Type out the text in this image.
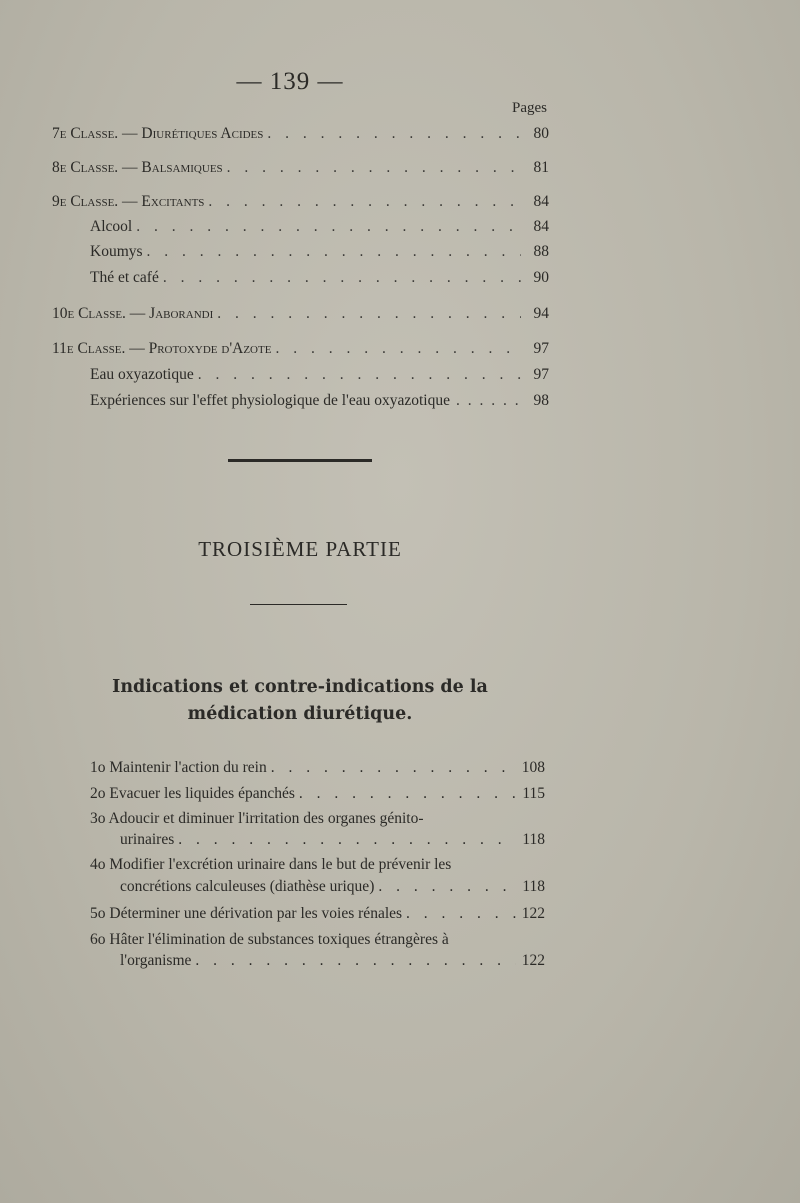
— 139 —
Pages
7e Classe. — Diurétiques Acides . . .	80
8e Classe. — Balsamiques . . .	81
9e Classe. — Excitants . . .	84
Alcool . . .	84
Koumys . . .	88
Thé et café . . .	90
10e Classe. — Jaborandi . . .	94
11e Classe. — Protoxyde d'Azote . . .	97
Eau oxyazotique . . .	97
Expériences sur l'effet physiologique de l'eau oxyazotique . . .	98
TROISIÈME PARTIE
Indications et contre-indications de la médication diurétique.
1o Maintenir l'action du rein . . .	108
2o Evacuer les liquides épanchés . . .	115
3o Adoucir et diminuer l'irritation des organes génito-
urinaires . . .	118
4o Modifier l'excrétion urinaire dans le but de prévenir les
concrétions calculeuses (diathèse urique) . . .	118
5o Déterminer une dérivation par les voies rénales . . .	122
6o Hâter l'élimination de substances toxiques étrangères à
l'organisme . . .	122
